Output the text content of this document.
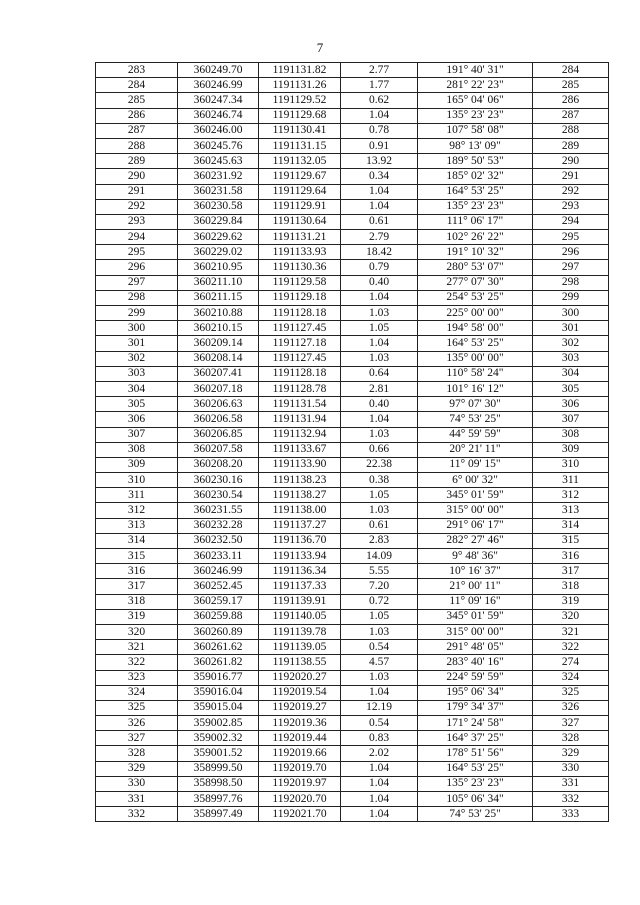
7
283	360249.70	1191131.82	2.77	191° 40' 31"	284
284	360246.99	1191131.26	1.77	281° 22' 23"	285
285	360247.34	1191129.52	0.62	165° 04' 06"	286
286	360246.74	1191129.68	1.04	135° 23' 23"	287
287	360246.00	1191130.41	0.78	107° 58' 08"	288
288	360245.76	1191131.15	0.91	98° 13' 09"	289
289	360245.63	1191132.05	13.92	189° 50' 53"	290
290	360231.92	1191129.67	0.34	185° 02' 32"	291
291	360231.58	1191129.64	1.04	164° 53' 25"	292
292	360230.58	1191129.91	1.04	135° 23' 23"	293
293	360229.84	1191130.64	0.61	111° 06' 17"	294
294	360229.62	1191131.21	2.79	102° 26' 22"	295
295	360229.02	1191133.93	18.42	191° 10' 32"	296
296	360210.95	1191130.36	0.79	280° 53' 07"	297
297	360211.10	1191129.58	0.40	277° 07' 30"	298
298	360211.15	1191129.18	1.04	254° 53' 25"	299
299	360210.88	1191128.18	1.03	225° 00' 00"	300
300	360210.15	1191127.45	1.05	194° 58' 00"	301
301	360209.14	1191127.18	1.04	164° 53' 25"	302
302	360208.14	1191127.45	1.03	135° 00' 00"	303
303	360207.41	1191128.18	0.64	110° 58' 24"	304
304	360207.18	1191128.78	2.81	101° 16' 12"	305
305	360206.63	1191131.54	0.40	97° 07' 30"	306
306	360206.58	1191131.94	1.04	74° 53' 25"	307
307	360206.85	1191132.94	1.03	44° 59' 59"	308
308	360207.58	1191133.67	0.66	20° 21' 11"	309
309	360208.20	1191133.90	22.38	11° 09' 15"	310
310	360230.16	1191138.23	0.38	6° 00' 32"	311
311	360230.54	1191138.27	1.05	345° 01' 59"	312
312	360231.55	1191138.00	1.03	315° 00' 00"	313
313	360232.28	1191137.27	0.61	291° 06' 17"	314
314	360232.50	1191136.70	2.83	282° 27' 46"	315
315	360233.11	1191133.94	14.09	9° 48' 36"	316
316	360246.99	1191136.34	5.55	10° 16' 37"	317
317	360252.45	1191137.33	7.20	21° 00' 11"	318
318	360259.17	1191139.91	0.72	11° 09' 16"	319
319	360259.88	1191140.05	1.05	345° 01' 59"	320
320	360260.89	1191139.78	1.03	315° 00' 00"	321
321	360261.62	1191139.05	0.54	291° 48' 05"	322
322	360261.82	1191138.55	4.57	283° 40' 16"	274
323	359016.77	1192020.27	1.03	224° 59' 59"	324
324	359016.04	1192019.54	1.04	195° 06' 34"	325
325	359015.04	1192019.27	12.19	179° 34' 37"	326
326	359002.85	1192019.36	0.54	171° 24' 58"	327
327	359002.32	1192019.44	0.83	164° 37' 25"	328
328	359001.52	1192019.66	2.02	178° 51' 56"	329
329	358999.50	1192019.70	1.04	164° 53' 25"	330
330	358998.50	1192019.97	1.04	135° 23' 23"	331
331	358997.76	1192020.70	1.04	105° 06' 34"	332
332	358997.49	1192021.70	1.04	74° 53' 25"	333
